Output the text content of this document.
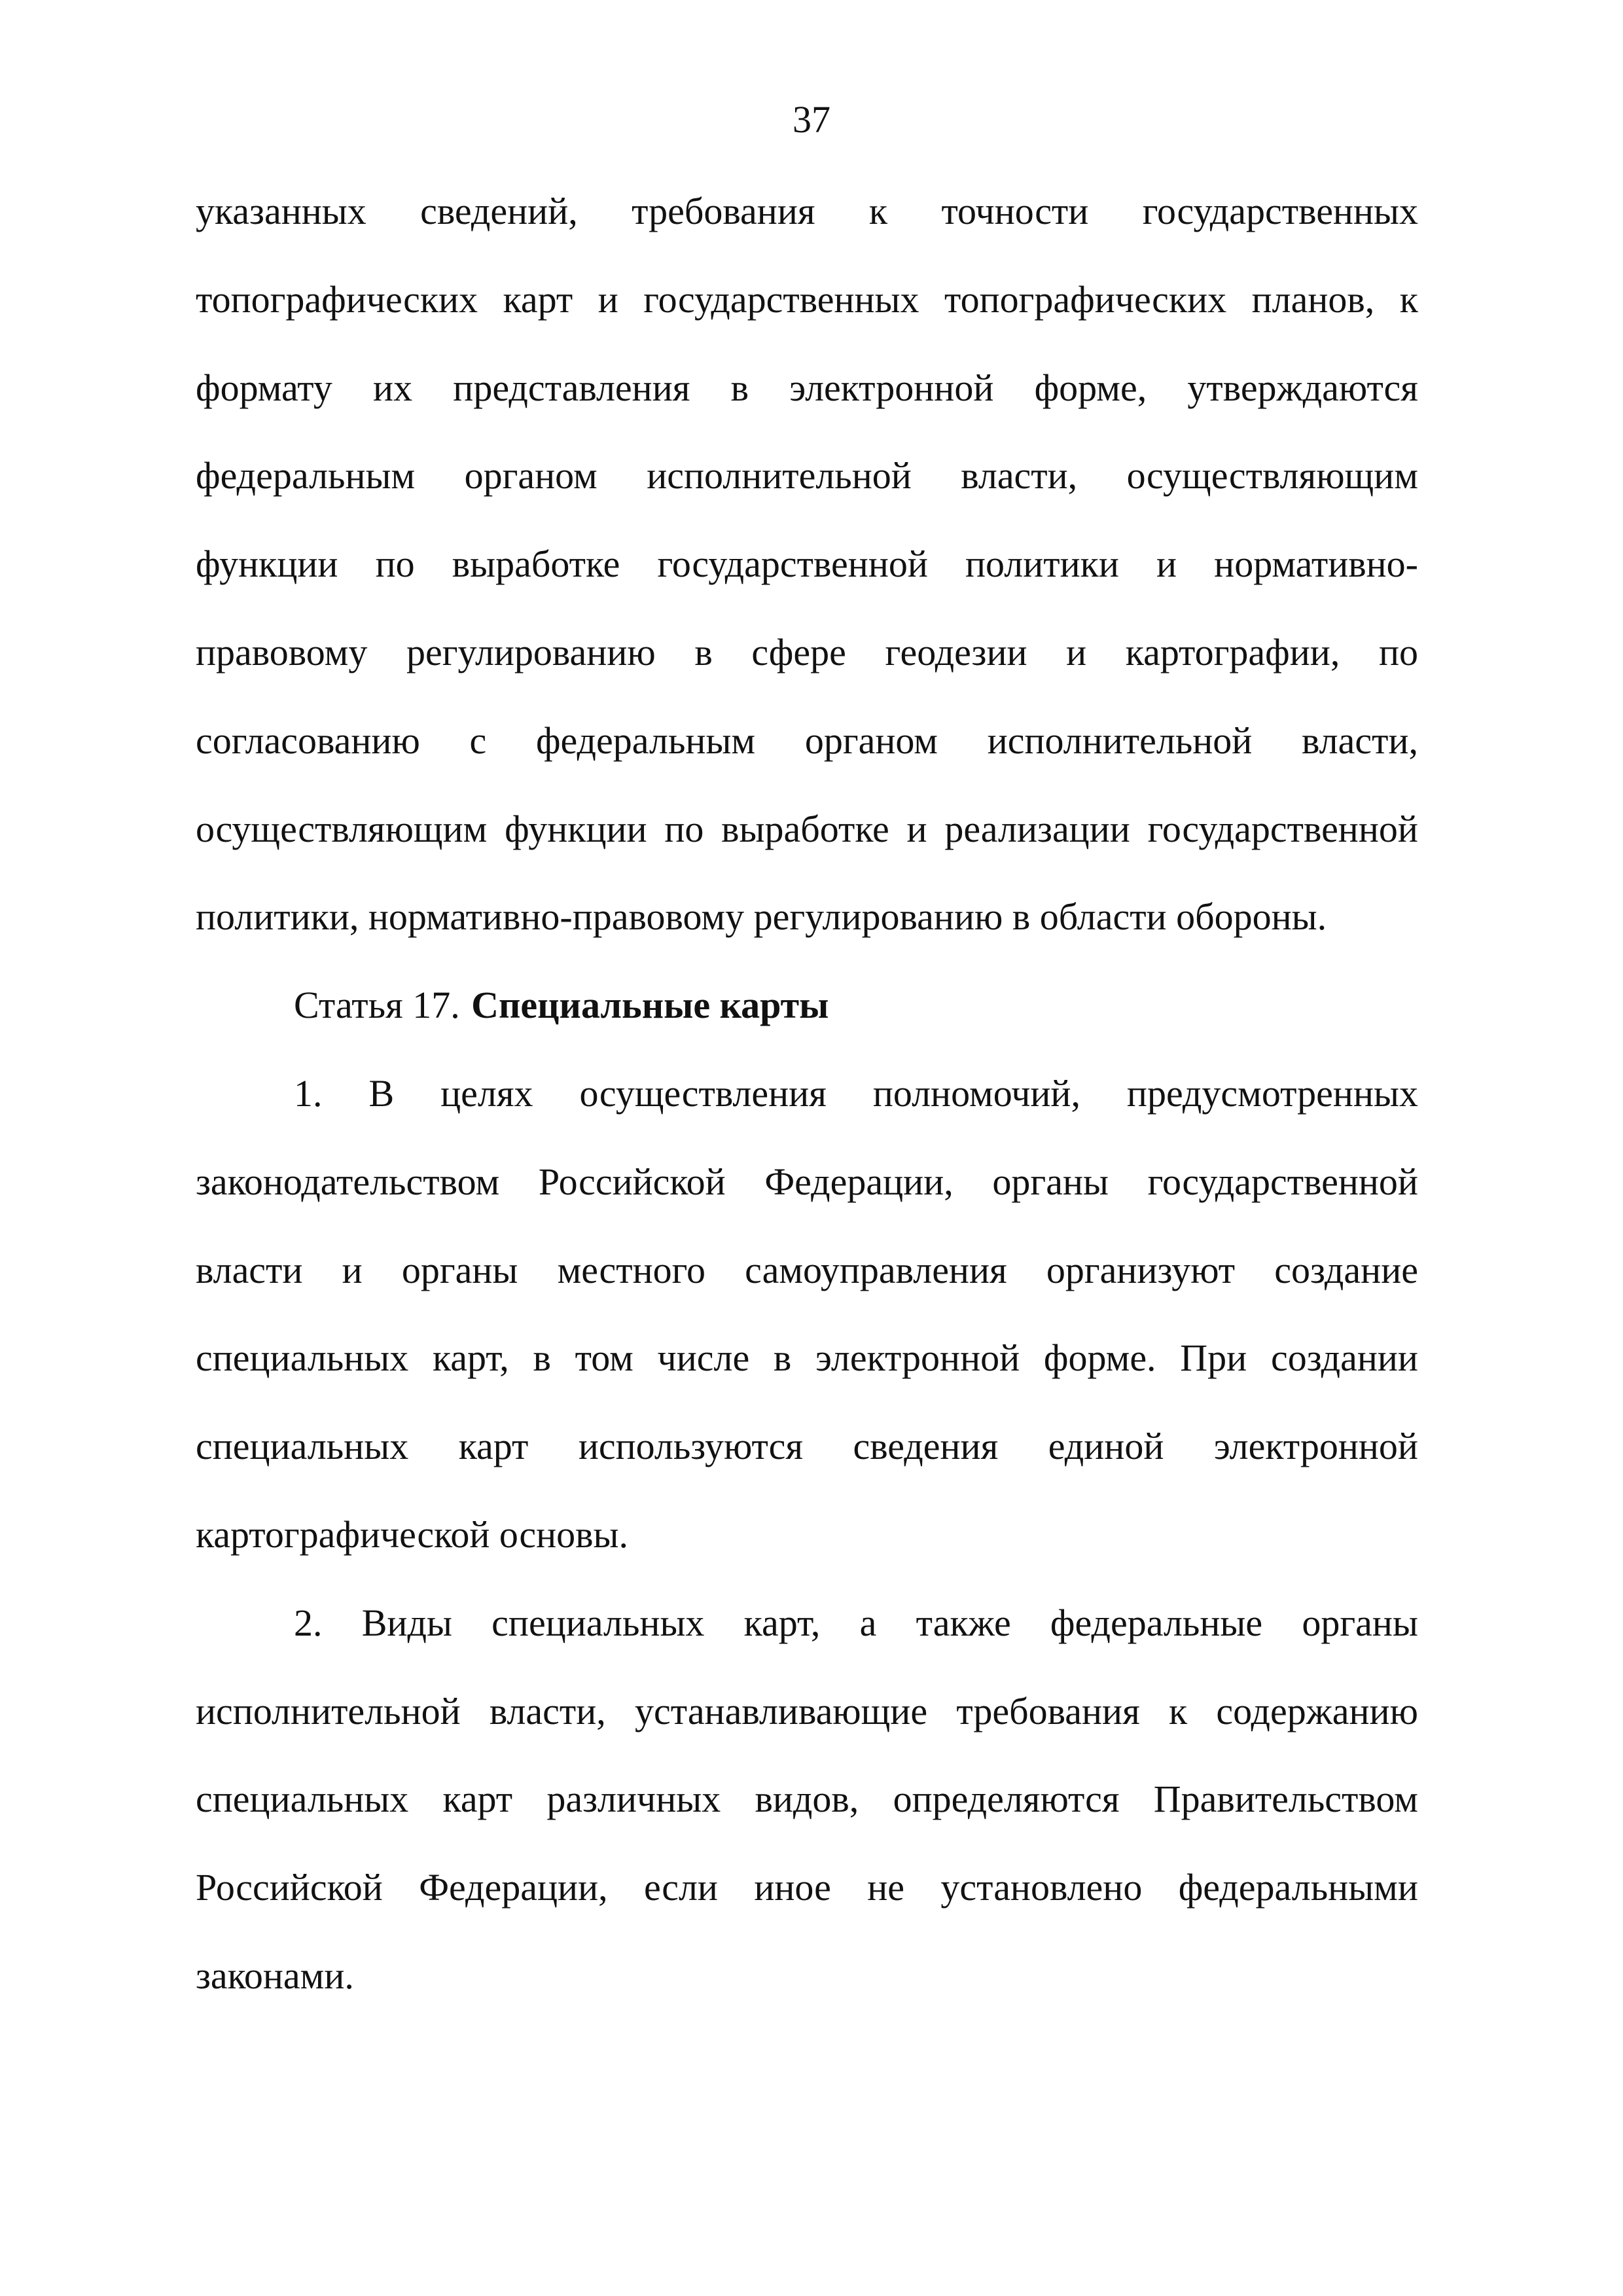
37
указанных сведений, требования к точности государственных
топографических карт и государственных топографических планов, к
формату их представления в электронной форме, утверждаются
федеральным органом исполнительной власти, осуществляющим
функции по выработке государственной политики и нормативно-
правовому регулированию в сфере геодезии и картографии, по
согласованию с федеральным органом исполнительной власти,
осуществляющим функции по выработке и реализации государственной
политики, нормативно-правовому регулированию в области обороны.
Статья 17. Специальные карты
1. В целях осуществления полномочий, предусмотренных
законодательством Российской Федерации, органы государственной
власти и органы местного самоуправления организуют создание
специальных карт, в том числе в электронной форме. При создании
специальных карт используются сведения единой электронной
картографической основы.
2. Виды специальных карт, а также федеральные органы
исполнительной власти, устанавливающие требования к содержанию
специальных карт различных видов, определяются Правительством
Российской Федерации, если иное не установлено федеральными
законами.
